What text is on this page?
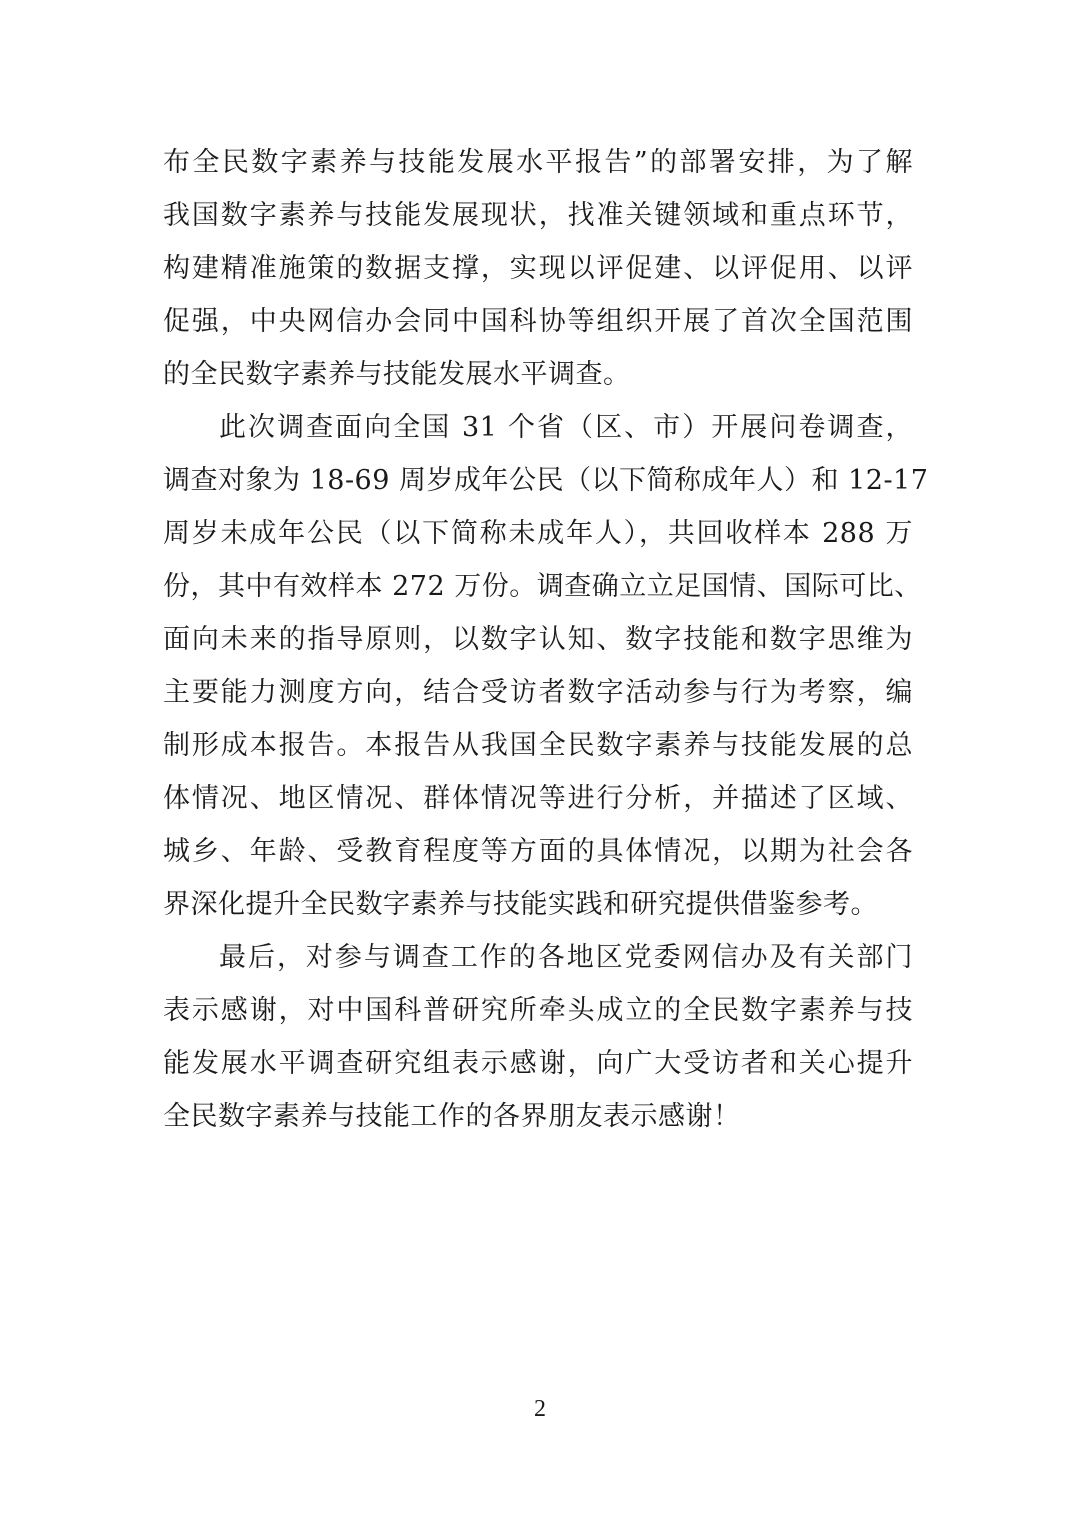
布全民数字素养与技能发展水平报告”的部署安排，为了解
我国数字素养与技能发展现状，找准关键领域和重点环节，
构建精准施策的数据支撑，实现以评促建、以评促用、以评
促强，中央网信办会同中国科协等组织开展了首次全国范围
的全民数字素养与技能发展水平调查。
此次调查面向全国 31 个省（区、市）开展问卷调查，
调查对象为 18-69 周岁成年公民（以下简称成年人）和 12-17
周岁未成年公民（以下简称未成年人），共回收样本 288 万
份，其中有效样本 272 万份。调查确立立足国情、国际可比、
面向未来的指导原则，以数字认知、数字技能和数字思维为
主要能力测度方向，结合受访者数字活动参与行为考察，编
制形成本报告。本报告从我国全民数字素养与技能发展的总
体情况、地区情况、群体情况等进行分析，并描述了区域、
城乡、年龄、受教育程度等方面的具体情况，以期为社会各
界深化提升全民数字素养与技能实践和研究提供借鉴参考。
最后，对参与调查工作的各地区党委网信办及有关部门
表示感谢，对中国科普研究所牵头成立的全民数字素养与技
能发展水平调查研究组表示感谢，向广大受访者和关心提升
全民数字素养与技能工作的各界朋友表示感谢！
2
